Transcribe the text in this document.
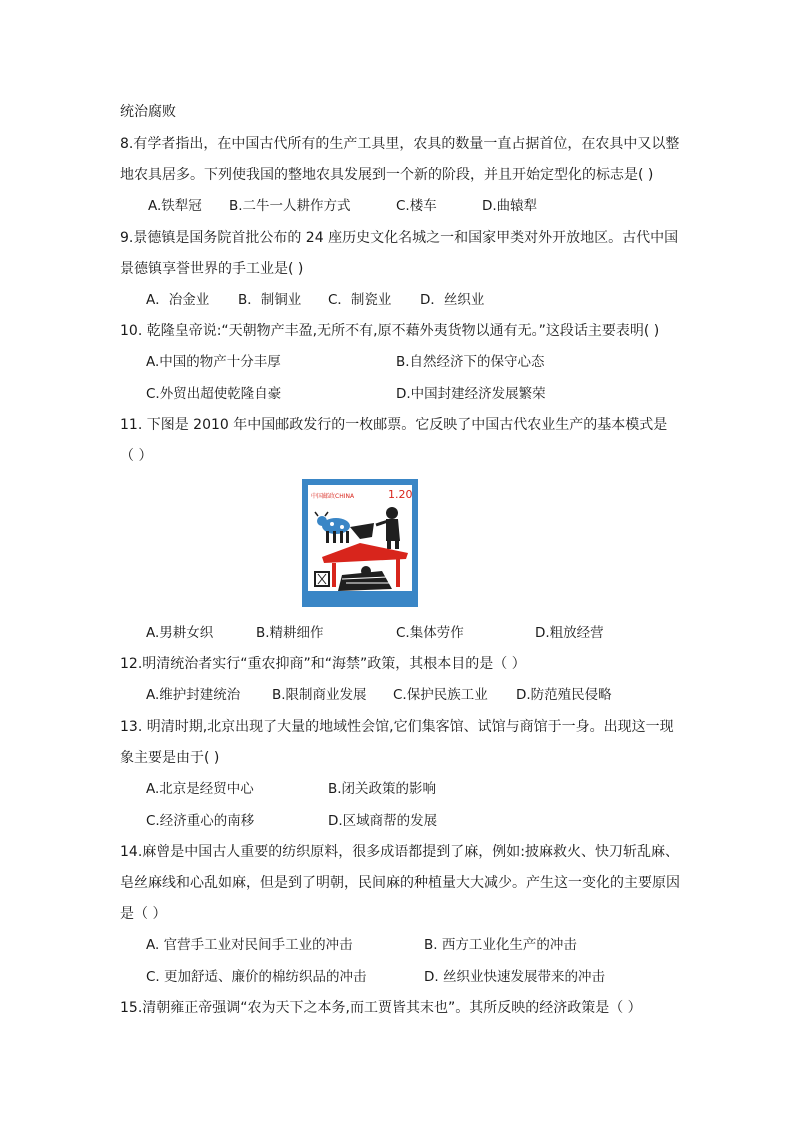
统治腐败
8.有学者指出，在中国古代所有的生产工具里，农具的数量一直占据首位，在农具中又以整
地农具居多。下列使我国的整地农具发展到一个新的阶段，并且开始定型化的标志是( )
A.铁犁冠 B.二牛一人耕作方式	C.楼车	D.曲辕犁
9.景德镇是国务院首批公布的 24 座历史文化名城之一和国家甲类对外开放地区。古代中国
景德镇享誉世界的手工业是( )
A．冶金业 B．制铜业 C．制瓷业 D．丝织业
10. 乾隆皇帝说:“天朝物产丰盈,无所不有,原不藉外夷货物以通有无。”这段话主要表明( )
A.中国的物产十分丰厚	B.自然经济下的保守心态
C.外贸出超使乾隆自豪	D.中国封建经济发展繁荣
11. 下图是 2010 年中国邮政发行的一枚邮票。它反映了中国古代农业生产的基本模式是
（ ）
中国邮政CHINA	1.20
A.男耕女织	B.精耕细作	C.集体劳作	D.粗放经营
12.明清统治者实行“重农抑商”和“海禁”政策，其根本目的是（ ）
A.维护封建统治 B.限制商业发展 C.保护民族工业 D.防范殖民侵略
13. 明清时期,北京出现了大量的地域性会馆,它们集客馆、试馆与商馆于一身。出现这一现
象主要是由于( )
A.北京是经贸中心	B.闭关政策的影响
C.经济重心的南移	D.区域商帮的发展
14.麻曾是中国古人重要的纺织原料，很多成语都提到了麻，例如:披麻救火、快刀斩乱麻、
皂丝麻线和心乱如麻，但是到了明朝，民间麻的种植量大大减少。产生这一变化的主要原因
是（ ）
A. 官营手工业对民间手工业的冲击	B. 西方工业化生产的冲击
C. 更加舒适、廉价的棉纺织品的冲击	D. 丝织业快速发展带来的冲击
15.清朝雍正帝强调“农为天下之本务,而工贾皆其末也”。其所反映的经济政策是（ ）
